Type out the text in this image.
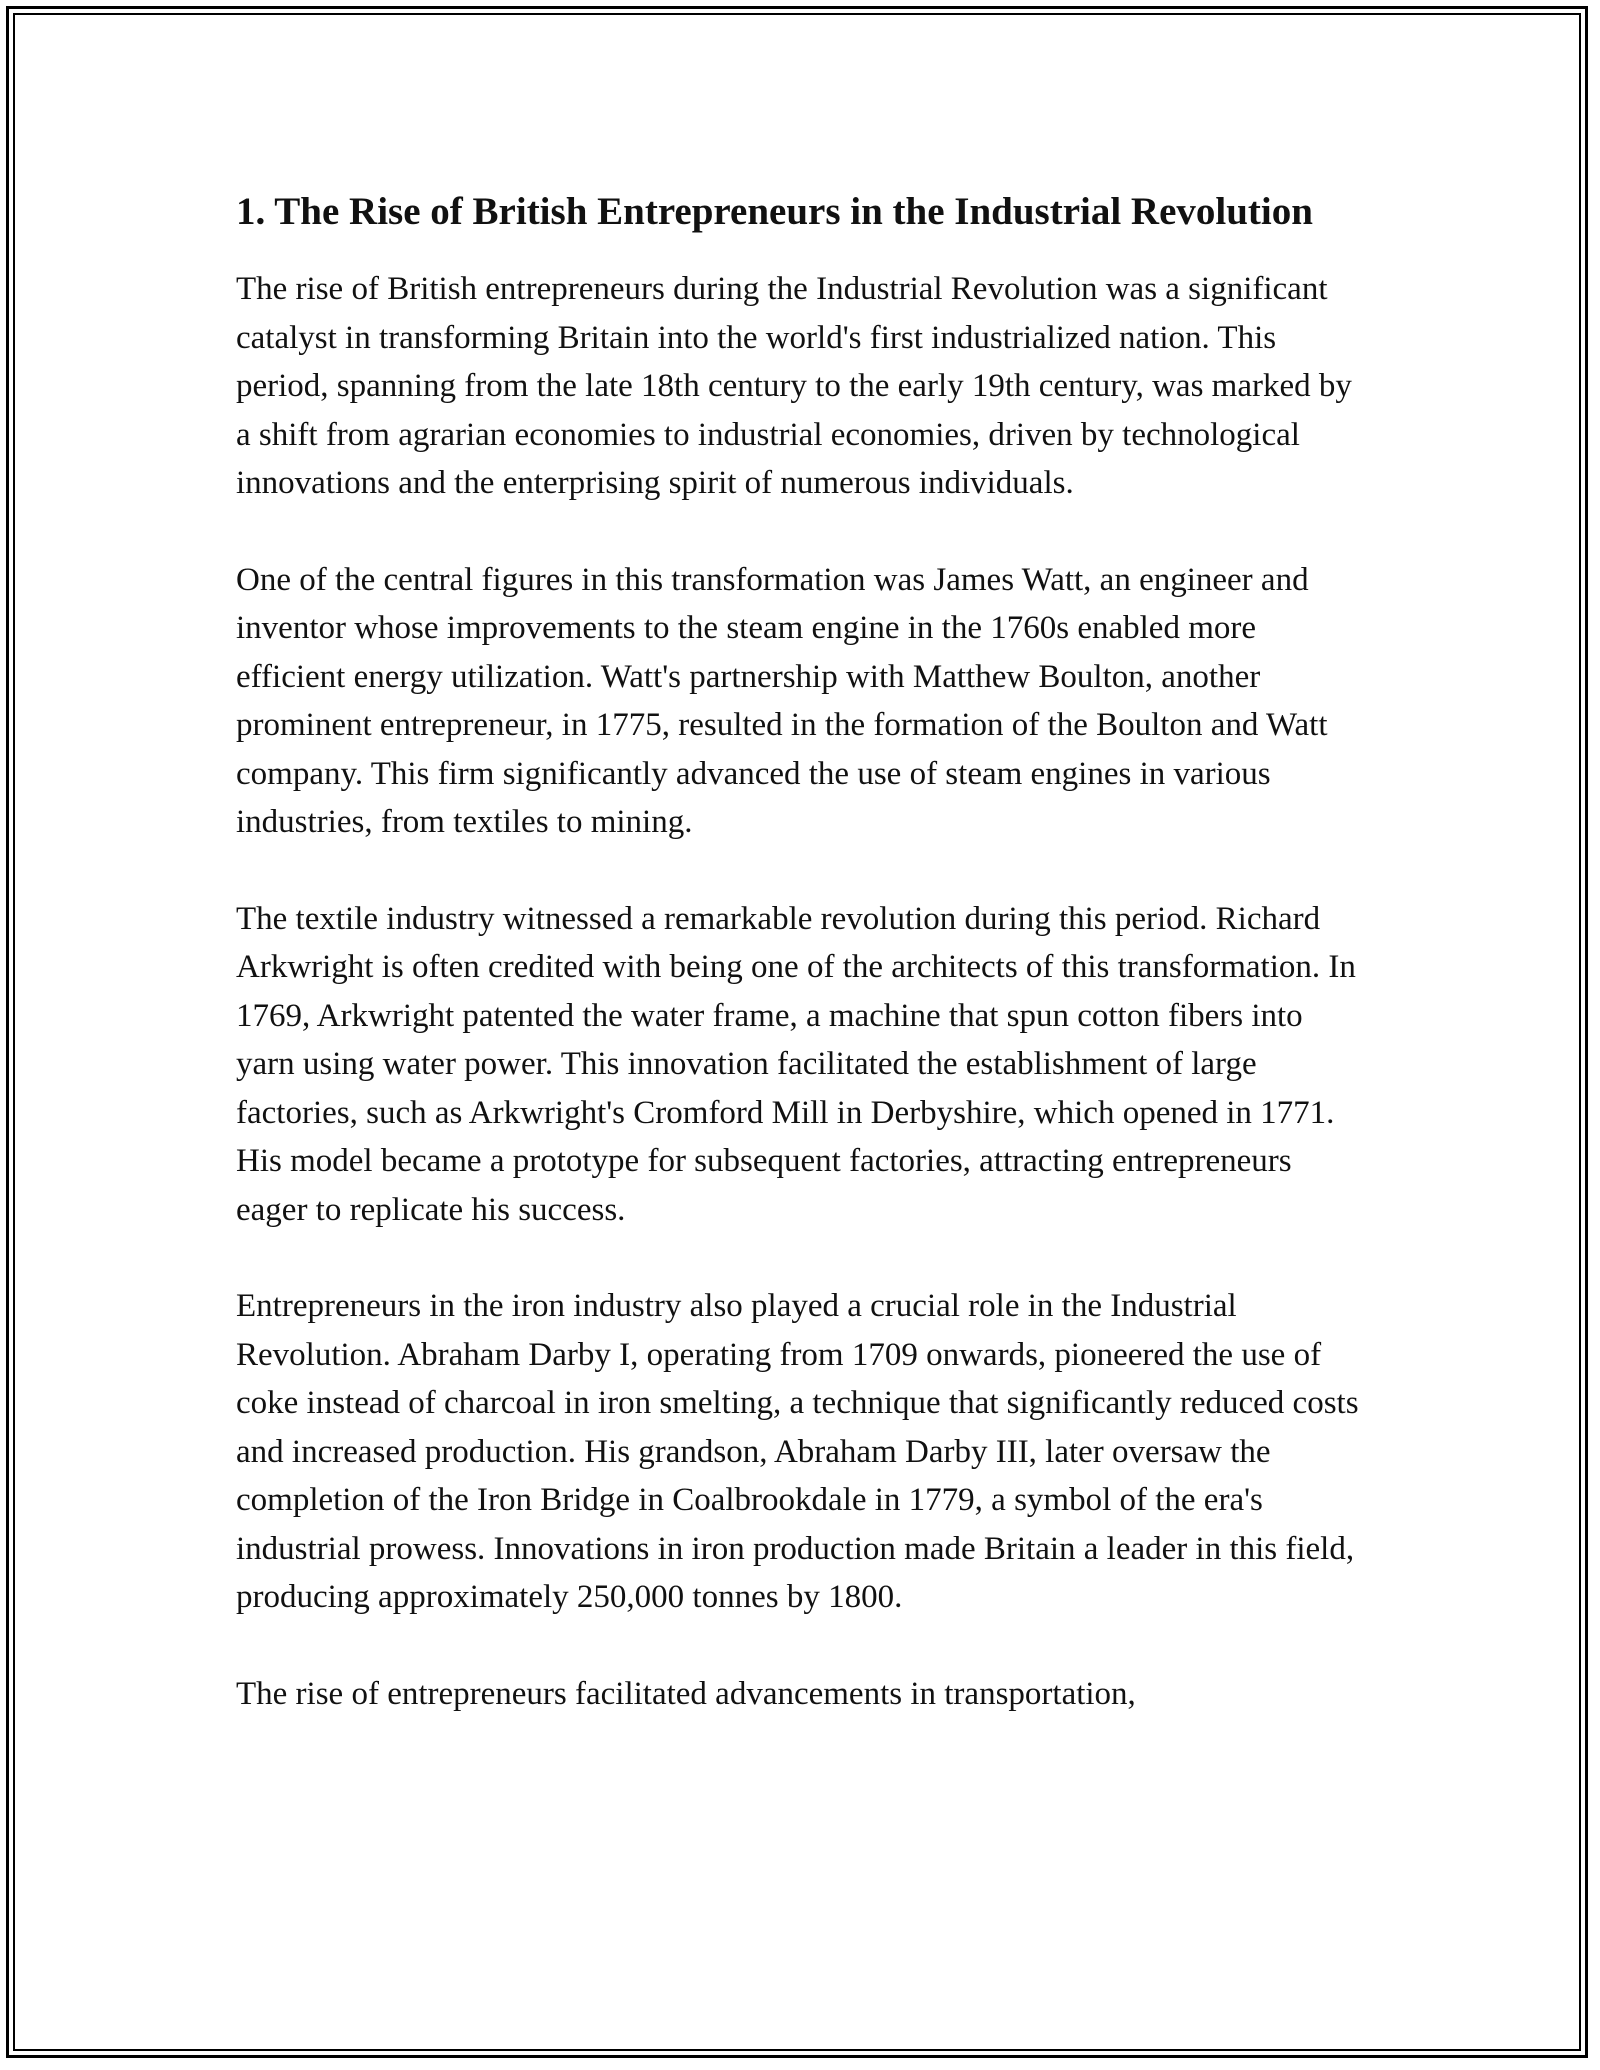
1. The Rise of British Entrepreneurs in the Industrial Revolution

The rise of British entrepreneurs during the Industrial Revolution was a significant catalyst in transforming Britain into the world's first industrialized nation. This period, spanning from the late 18th century to the early 19th century, was marked by a shift from agrarian economies to industrial economies, driven by technological innovations and the enterprising spirit of numerous individuals.

One of the central figures in this transformation was James Watt, an engineer and inventor whose improvements to the steam engine in the 1760s enabled more efficient energy utilization. Watt's partnership with Matthew Boulton, another prominent entrepreneur, in 1775, resulted in the formation of the Boulton and Watt company. This firm significantly advanced the use of steam engines in various industries, from textiles to mining.

The textile industry witnessed a remarkable revolution during this period. Richard Arkwright is often credited with being one of the architects of this transformation. In 1769, Arkwright patented the water frame, a machine that spun cotton fibers into yarn using water power. This innovation facilitated the establishment of large factories, such as Arkwright's Cromford Mill in Derbyshire, which opened in 1771. His model became a prototype for subsequent factories, attracting entrepreneurs eager to replicate his success.

Entrepreneurs in the iron industry also played a crucial role in the Industrial Revolution. Abraham Darby I, operating from 1709 onwards, pioneered the use of coke instead of charcoal in iron smelting, a technique that significantly reduced costs and increased production. His grandson, Abraham Darby III, later oversaw the completion of the Iron Bridge in Coalbrookdale in 1779, a symbol of the era's industrial prowess. Innovations in iron production made Britain a leader in this field, producing approximately 250,000 tonnes by 1800.

The rise of entrepreneurs facilitated advancements in transportation,
